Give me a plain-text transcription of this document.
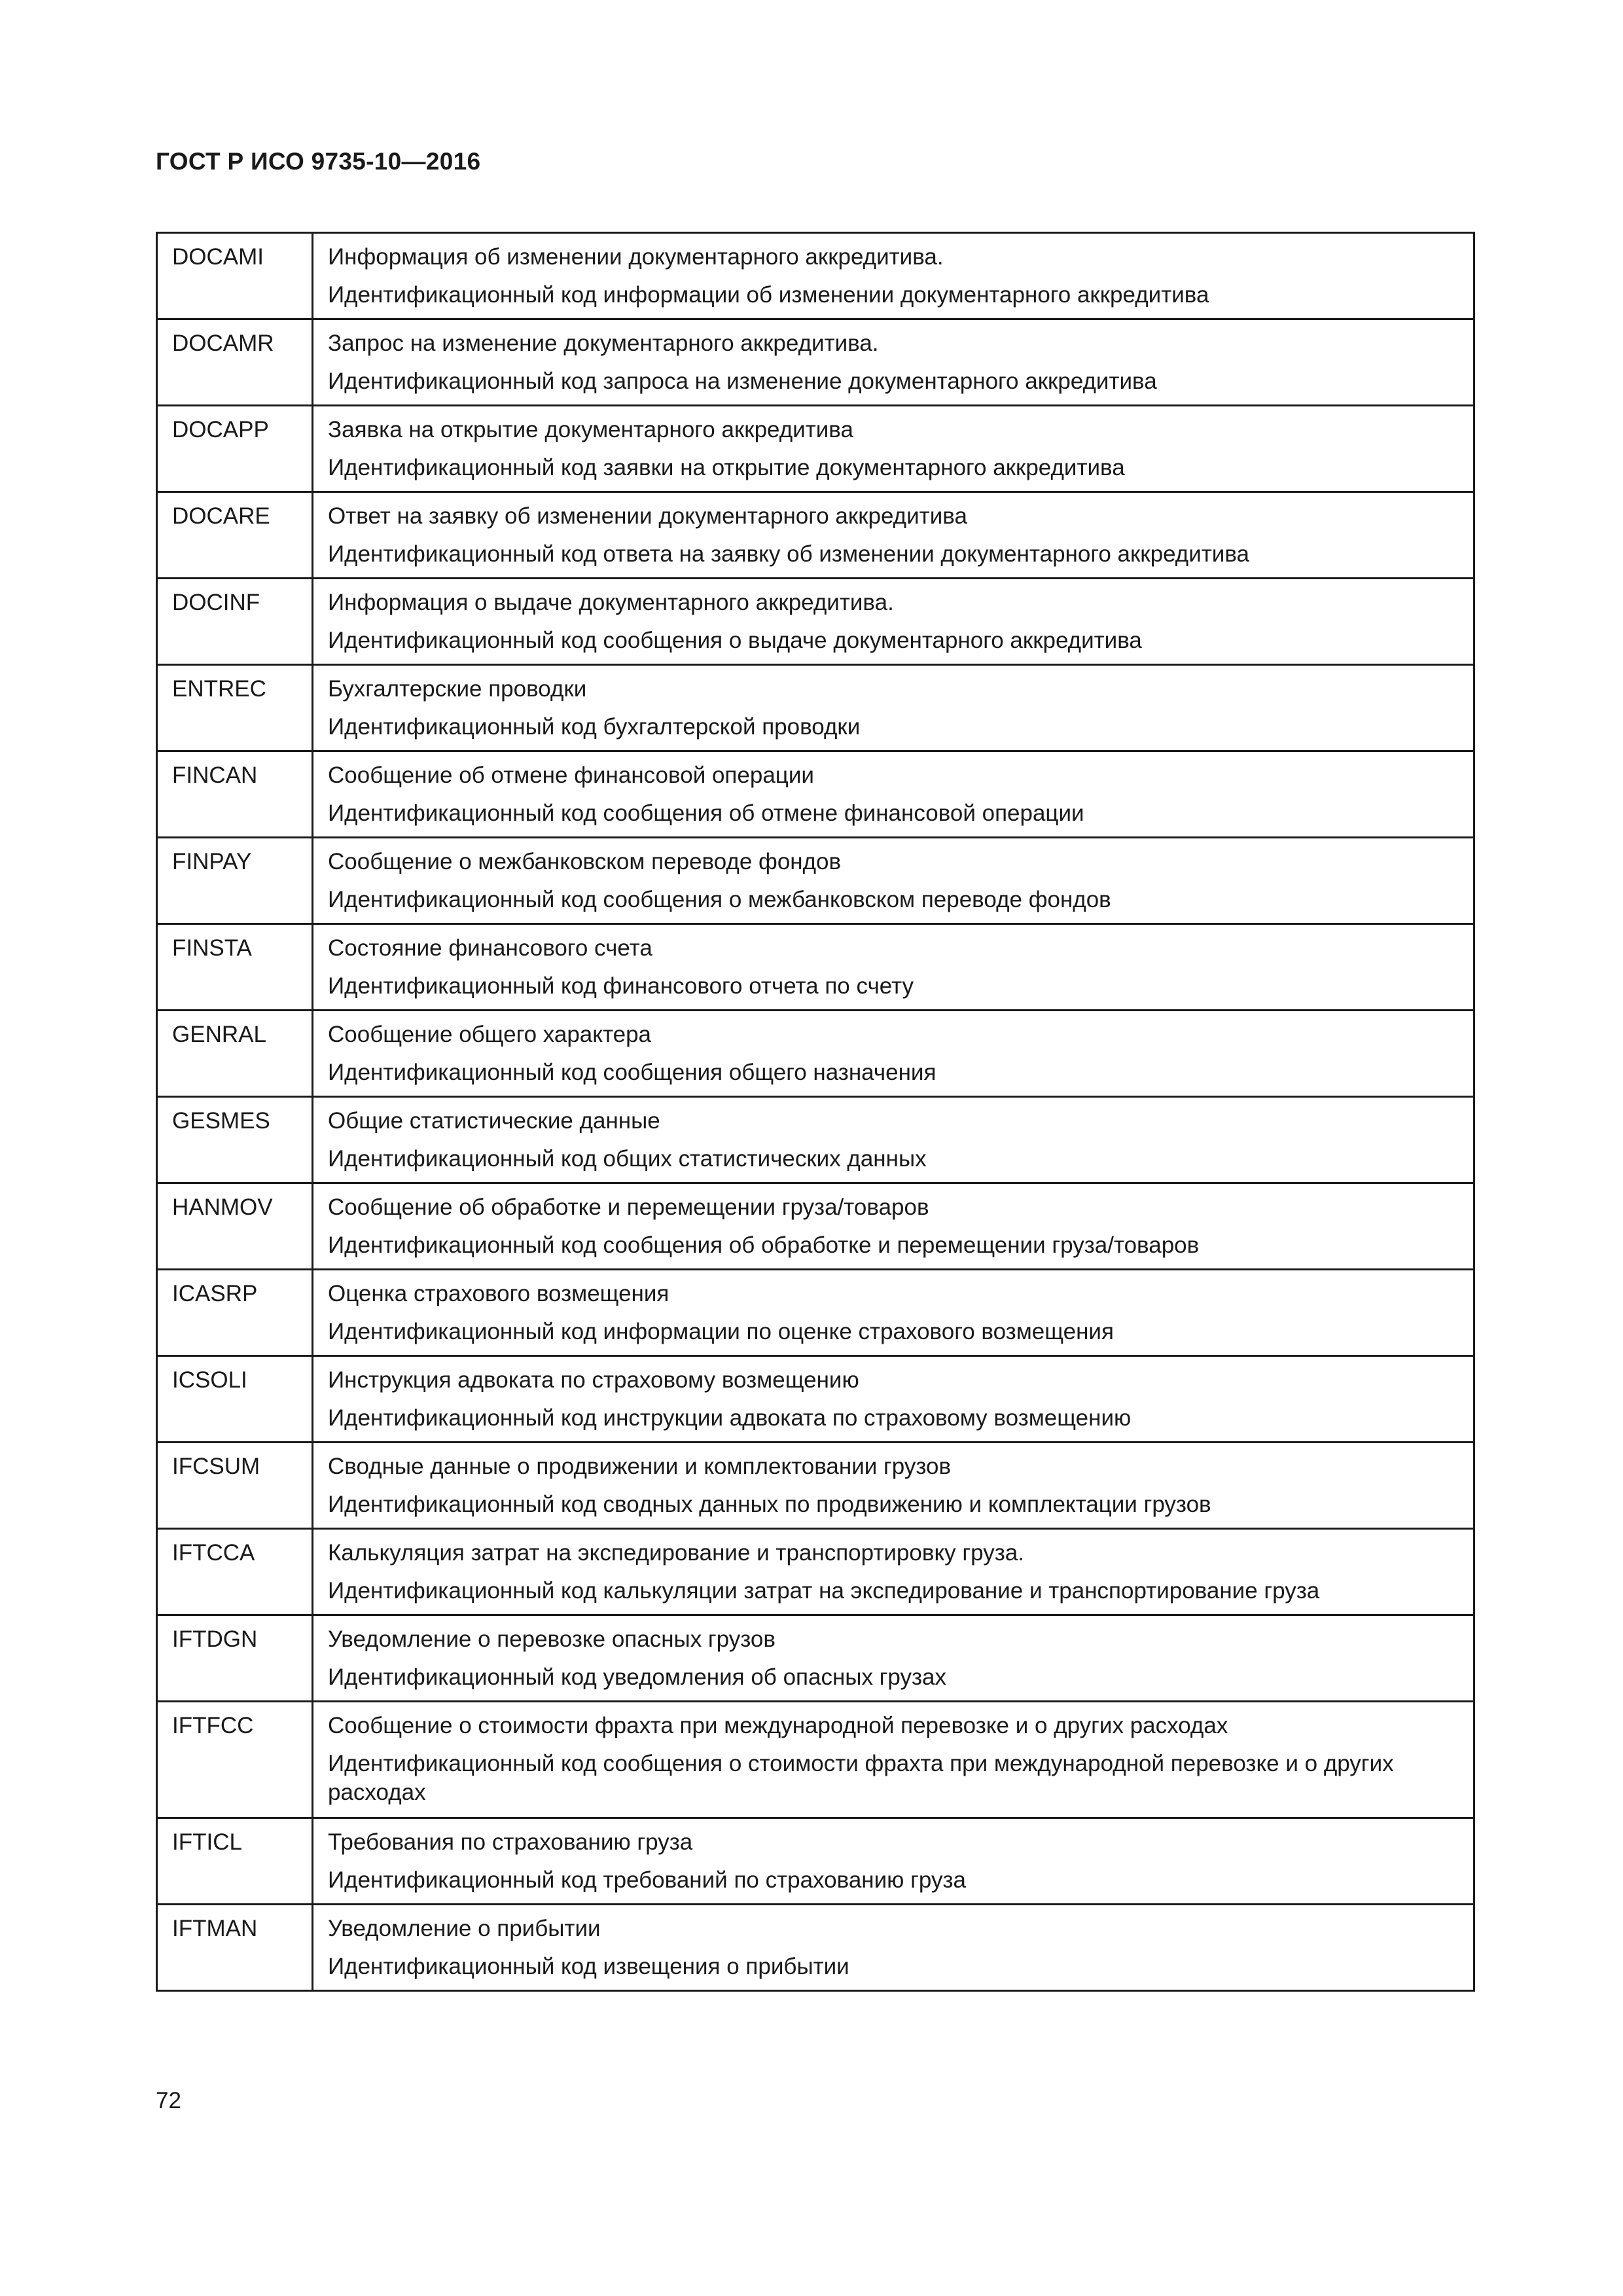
ГОСТ Р ИСО 9735-10—2016
DOCAMI	Информация об изменении документарного аккредитива.
Идентификационный код информации об изменении документарного аккредитива

DOCAMR	Запрос на изменение документарного аккредитива.
Идентификационный код запроса на изменение документарного аккредитива

DOCAPP	Заявка на открытие документарного аккредитива
Идентификационный код заявки на открытие документарного аккредитива

DOCARE	Ответ на заявку об изменении документарного аккредитива
Идентификационный код ответа на заявку об изменении документарного аккредитива

DOCINF	Информация о выдаче документарного аккредитива.
Идентификационный код сообщения о выдаче документарного аккредитива

ENTREC	Бухгалтерские проводки
Идентификационный код бухгалтерской проводки

FINCAN	Сообщение об отмене финансовой операции
Идентификационный код сообщения об отмене финансовой операции

FINPAY	Сообщение о межбанковском переводе фондов
Идентификационный код сообщения о межбанковском переводе фондов

FINSTA	Состояние финансового счета
Идентификационный код финансового отчета по счету

GENRAL	Сообщение общего характера
Идентификационный код сообщения общего назначения

GESMES	Общие статистические данные
Идентификационный код общих статистических данных

HANMOV	Сообщение об обработке и перемещении груза/товаров
Идентификационный код сообщения об обработке и перемещении груза/товаров

ICASRP	Оценка страхового возмещения
Идентификационный код информации по оценке страхового возмещения

ICSOLI	Инструкция адвоката по страховому возмещению
Идентификационный код инструкции адвоката по страховому возмещению

IFCSUM	Сводные данные о продвижении и комплектовании грузов
Идентификационный код сводных данных по продвижению и комплектации грузов

IFTCCA	Калькуляция затрат на экспедирование и транспортировку груза.
Идентификационный код калькуляции затрат на экспедирование и транспортирование груза

IFTDGN	Уведомление о перевозке опасных грузов
Идентификационный код уведомления об опасных грузах

IFTFCC	Сообщение о стоимости фрахта при международной перевозке и о других расходах
Идентификационный код сообщения о стоимости фрахта при международной перевозке и о других расходах

IFTICL	Требования по страхованию груза
Идентификационный код требований по страхованию груза

IFTMAN	Уведомление о прибытии
Идентификационный код извещения о прибытии
72
